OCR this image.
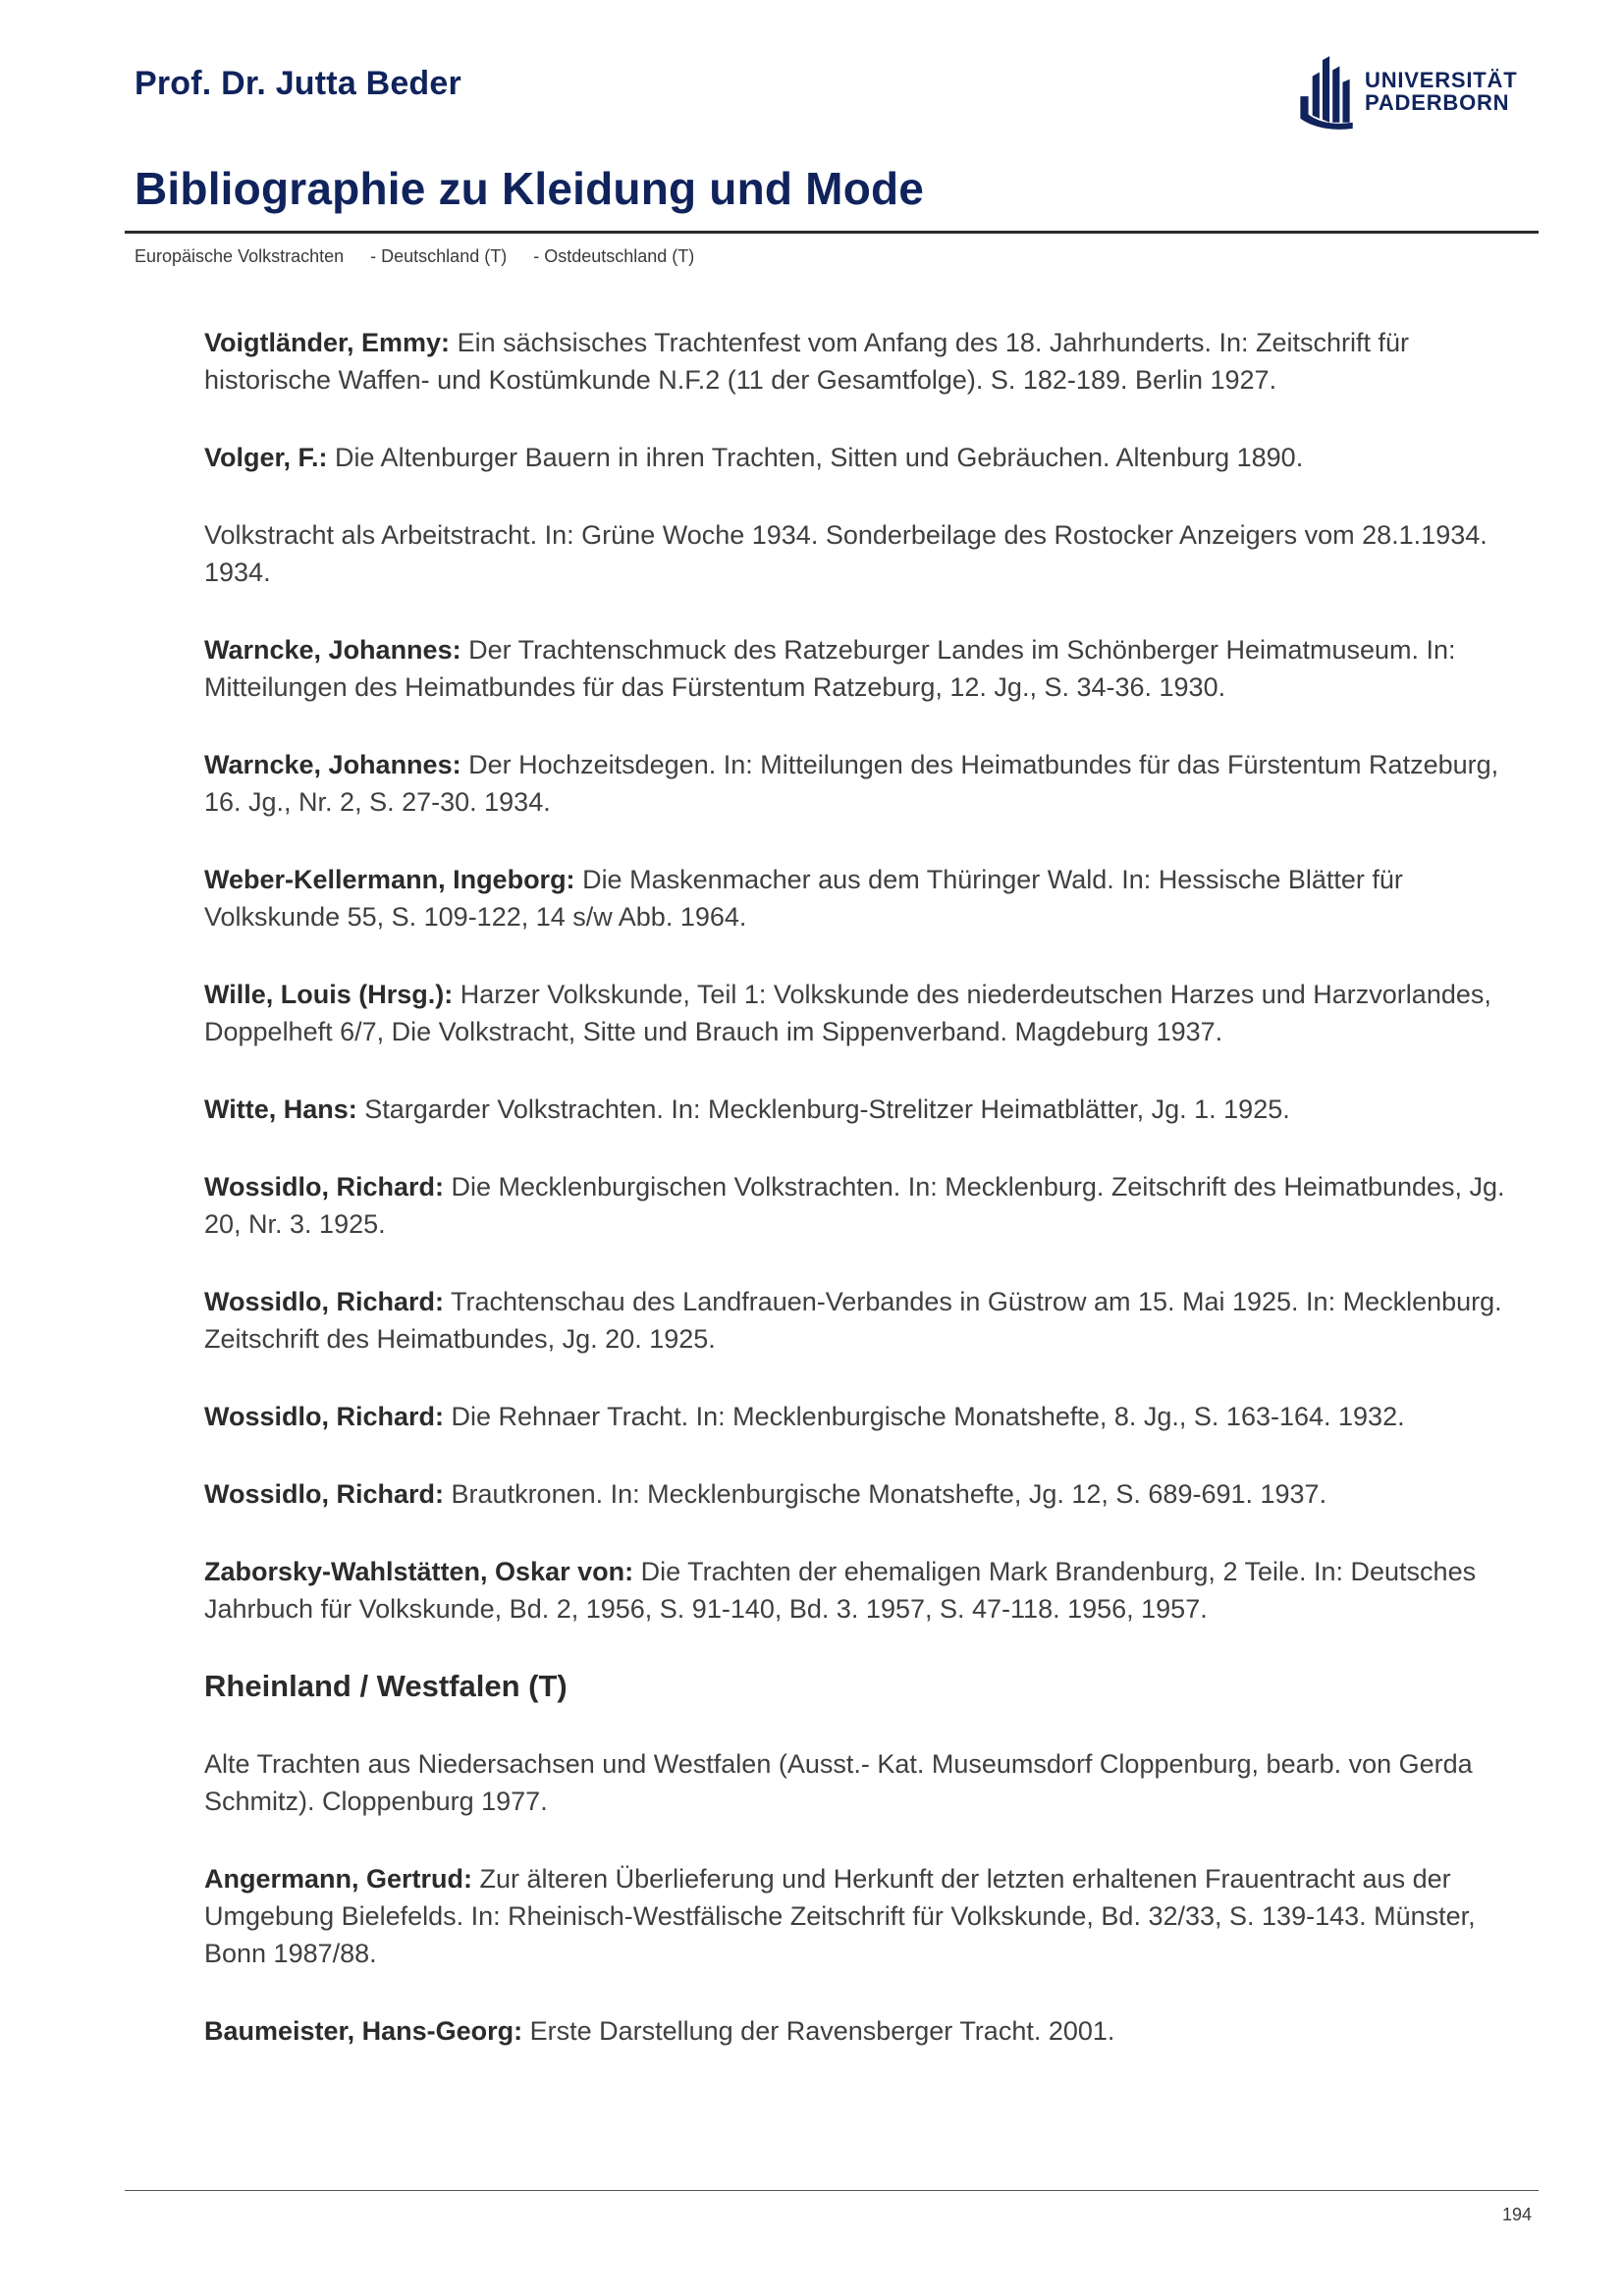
Prof. Dr. Jutta Beder	UNIVERSITÄT
PADERBORN
Bibliographie zu Kleidung und Mode
Europäische Volkstrachten - Deutschland (T) - Ostdeutschland (T)
Voigtländer, Emmy: Ein sächsisches Trachtenfest vom Anfang des 18. Jahrhunderts. In: Zeitschrift für historische Waffen- und Kostümkunde N.F.2 (11 der Gesamtfolge). S. 182-189. Berlin 1927.
Volger, F.: Die Altenburger Bauern in ihren Trachten, Sitten und Gebräuchen. Altenburg 1890.
Volkstracht als Arbeitstracht. In: Grüne Woche 1934. Sonderbeilage des Rostocker Anzeigers vom 28.1.1934. 1934.
Warncke, Johannes: Der Trachtenschmuck des Ratzeburger Landes im Schönberger Heimatmuseum. In: Mitteilungen des Heimatbundes für das Fürstentum Ratzeburg, 12. Jg., S. 34-36. 1930.
Warncke, Johannes: Der Hochzeitsdegen. In: Mitteilungen des Heimatbundes für das Fürstentum Ratzeburg, 16. Jg., Nr. 2, S. 27-30. 1934.
Weber-Kellermann, Ingeborg: Die Maskenmacher aus dem Thüringer Wald. In: Hessische Blätter für Volkskunde 55, S. 109-122, 14 s/w Abb. 1964.
Wille, Louis (Hrsg.): Harzer Volkskunde, Teil 1: Volkskunde des niederdeutschen Harzes und Harzvorlandes, Doppelheft 6/7, Die Volkstracht, Sitte und Brauch im Sippenverband. Magdeburg 1937.
Witte, Hans: Stargarder Volkstrachten. In: Mecklenburg-Strelitzer Heimatblätter, Jg. 1. 1925.
Wossidlo, Richard: Die Mecklenburgischen Volkstrachten. In: Mecklenburg. Zeitschrift des Heimatbundes, Jg. 20, Nr. 3. 1925.
Wossidlo, Richard: Trachtenschau des Landfrauen-Verbandes in Güstrow am 15. Mai 1925. In: Mecklenburg. Zeitschrift des Heimatbundes, Jg. 20. 1925.
Wossidlo, Richard: Die Rehnaer Tracht. In: Mecklenburgische Monatshefte, 8. Jg., S. 163-164. 1932.
Wossidlo, Richard: Brautkronen. In: Mecklenburgische Monatshefte, Jg. 12, S. 689-691. 1937.
Zaborsky-Wahlstätten, Oskar von: Die Trachten der ehemaligen Mark Brandenburg, 2 Teile. In: Deutsches Jahrbuch für Volkskunde, Bd. 2, 1956, S. 91-140, Bd. 3. 1957, S. 47-118. 1956, 1957.
Rheinland / Westfalen (T)
Alte Trachten aus Niedersachsen und Westfalen (Ausst.- Kat. Museumsdorf Cloppenburg, bearb. von Gerda Schmitz). Cloppenburg 1977.
Angermann, Gertrud: Zur älteren Überlieferung und Herkunft der letzten erhaltenen Frauentracht aus der Umgebung Bielefelds. In: Rheinisch-Westfälische Zeitschrift für Volkskunde, Bd. 32/33, S. 139-143. Münster, Bonn 1987/88.
Baumeister, Hans-Georg: Erste Darstellung der Ravensberger Tracht. 2001.
194
